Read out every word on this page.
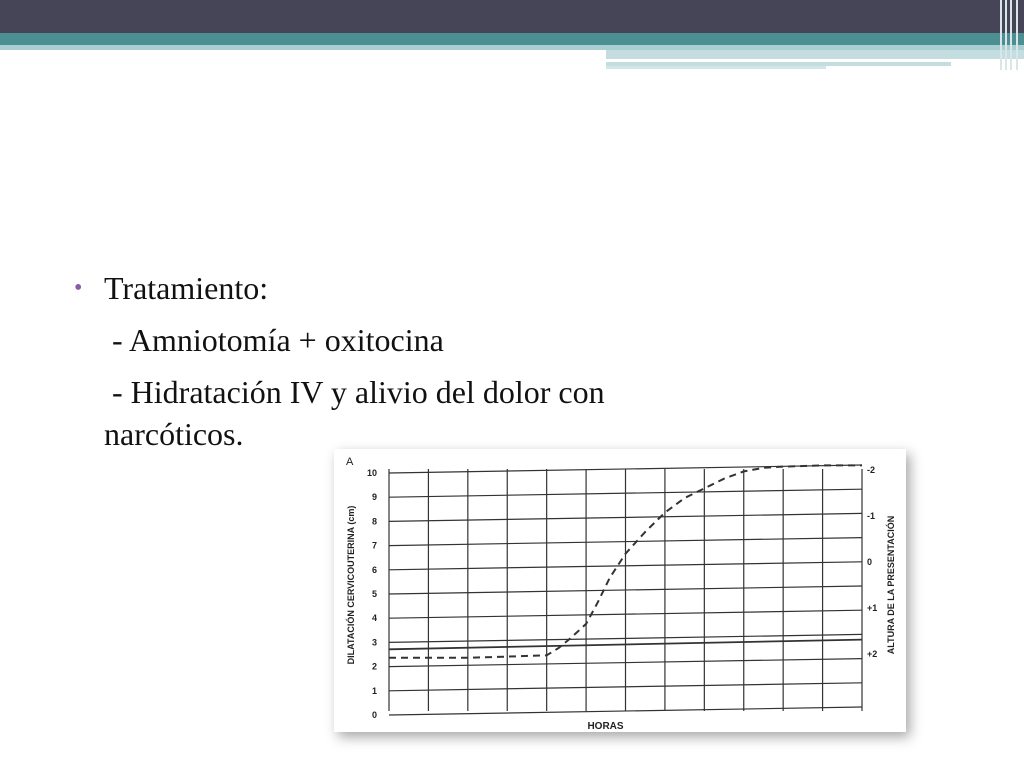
• Tratamiento:
- Amniotomía + oxitocina
- Hidratación IV y alivio del dolor con
narcóticos.
0
1
2
3
4
5
6
7
8
9
10	-2
-1
0
+1
+2
A
HORAS
DILATACIÓN CERVICOUTERINA (cm)	ALTURA DE LA PRESENTACIÓN
